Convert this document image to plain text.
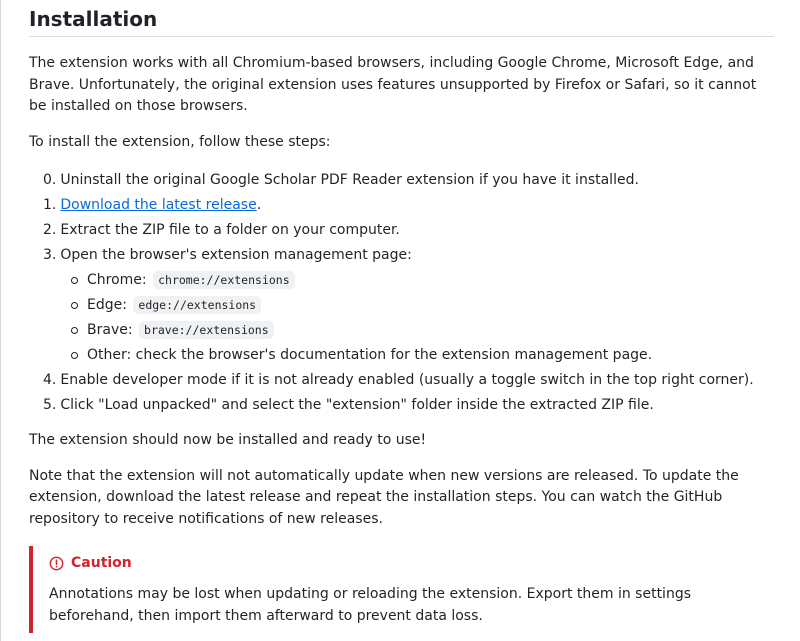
Installation

The extension works with all Chromium-based browsers, including Google Chrome, Microsoft Edge, and Brave. Unfortunately, the original extension uses features unsupported by Firefox or Safari, so it cannot be installed on those browsers.

To install the extension, follow these steps:

0. Uninstall the original Google Scholar PDF Reader extension if you have it installed.
1. Download the latest release.
2. Extract the ZIP file to a folder on your computer.
3. Open the browser's extension management page:
Chrome: chrome://extensions
Edge: edge://extensions
Brave: brave://extensions
Other: check the browser's documentation for the extension management page.
4. Enable developer mode if it is not already enabled (usually a toggle switch in the top right corner).
5. Click "Load unpacked" and select the "extension" folder inside the extracted ZIP file.

The extension should now be installed and ready to use!

Note that the extension will not automatically update when new versions are released. To update the extension, download the latest release and repeat the installation steps. You can watch the GitHub repository to receive notifications of new releases.

Caution

Annotations may be lost when updating or reloading the extension. Export them in settings beforehand, then import them afterward to prevent data loss.
